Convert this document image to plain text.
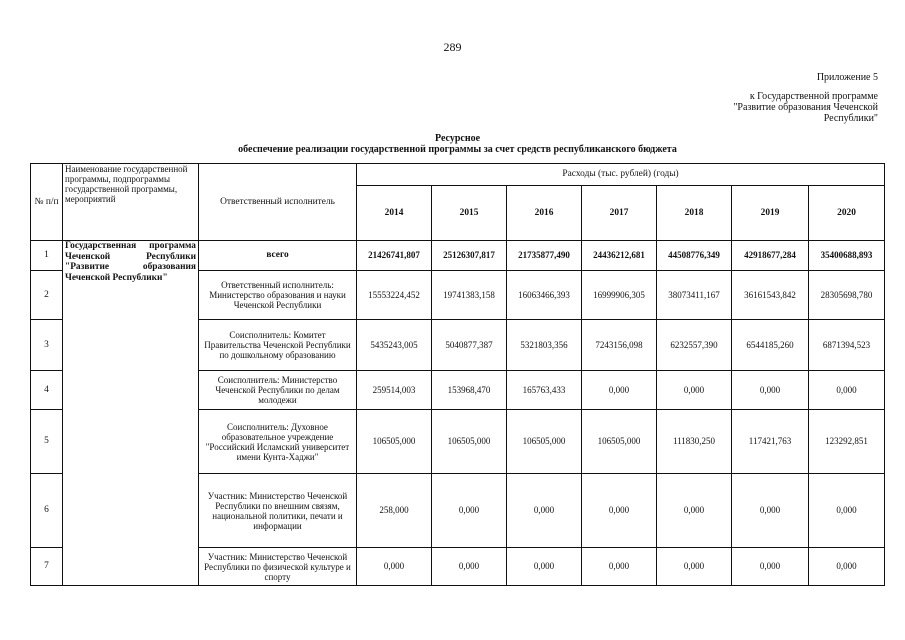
289
Приложение 5
к Государственной программе
"Развитие образования Чеченской
Республики"
Ресурсное
обеспечение реализации государственной программы за счет средств республиканского бюджета
№ п/п	Наименование государственной программы, подпрограммы государственной программы, мероприятий	Ответственный исполнитель	Расходы (тыс. рублей) (годы)						
			2014	2015	2016	2017	2018	2019	2020
1	Государственная программа Чеченской Республики "Развитие образования Чеченской Республики"	всего	21426741,807	25126307,817	21735877,490	24436212,681	44508776,349	42918677,284	35400688,893
2		Ответственный исполнитель: Министерство образования и науки Чеченской Республики	15553224,452	19741383,158	16063466,393	16999906,305	38073411,167	36161543,842	28305698,780
3		Соисполнитель: Комитет Правительства Чеченской Республики по дошкольному образованию	5435243,005	5040877,387	5321803,356	7243156,098	6232557,390	6544185,260	6871394,523
4		Соисполнитель: Министерство Чеченской Республики по делам молодежи	259514,003	153968,470	165763,433	0,000	0,000	0,000	0,000
5		Соисполнитель: Духовное образовательное учреждение "Российский Исламский университет имени Кунта-Хаджи"	106505,000	106505,000	106505,000	106505,000	111830,250	117421,763	123292,851
6		Участник: Министерство Чеченской Республики по внешним связям, национальной политики, печати и информации	258,000	0,000	0,000	0,000	0,000	0,000	0,000
7		Участник: Министерство Чеченской Республики по физической культуре и спорту	0,000	0,000	0,000	0,000	0,000	0,000	0,000
